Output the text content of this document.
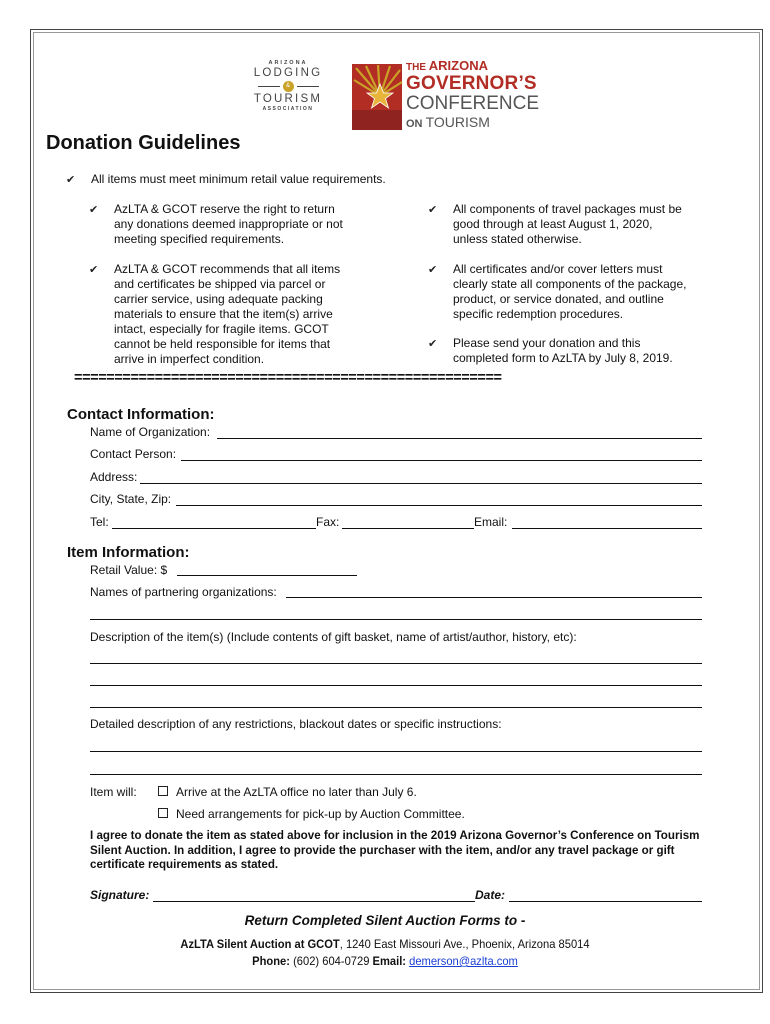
ARIZONA
LODGING
&
TOURISM
ASSOCIATION
THE ARIZONA
GOVERNOR’S
CONFERENCE
ON TOURISM
Donation Guidelines
✔ All items must meet minimum retail value requirements.
✔ AzLTA & GCOT reserve the right to return
any donations deemed inappropriate or not
meeting specified requirements.
✔ AzLTA & GCOT recommends that all items
and certificates be shipped via parcel or
carrier service, using adequate packing
materials to ensure that the item(s) arrive
intact, especially for fragile items. GCOT
cannot be held responsible for items that
arrive in imperfect condition.
✔ All components of travel packages must be
good through at least August 1, 2020,
unless stated otherwise.
✔ All certificates and/or cover letters must
clearly state all components of the package,
product, or service donated, and outline
specific redemption procedures.
✔ Please send your donation and this
completed form to AzLTA by July 8, 2019.
=====================================================
Contact Information:
Name of Organization:
Contact Person:
Address:
City, State, Zip:
Tel:	Fax:	Email:
Item Information:
Retail Value: $
Names of partnering organizations:
Description of the item(s) (Include contents of gift basket, name of artist/author, history, etc):
Detailed description of any restrictions, blackout dates or specific instructions:
Item will:	Arrive at the AzLTA office no later than July 6.
Need arrangements for pick-up by Auction Committee.
I agree to donate the item as stated above for inclusion in the 2019 Arizona Governor’s Conference on Tourism Silent Auction. In addition, I agree to provide the purchaser with the item, and/or any travel package or gift certificate requirements as stated.
Signature:	Date:
Return Completed Silent Auction Forms to -
AzLTA Silent Auction at GCOT, 1240 East Missouri Ave., Phoenix, Arizona 85014
Phone: (602) 604-0729 Email: demerson@azlta.com
